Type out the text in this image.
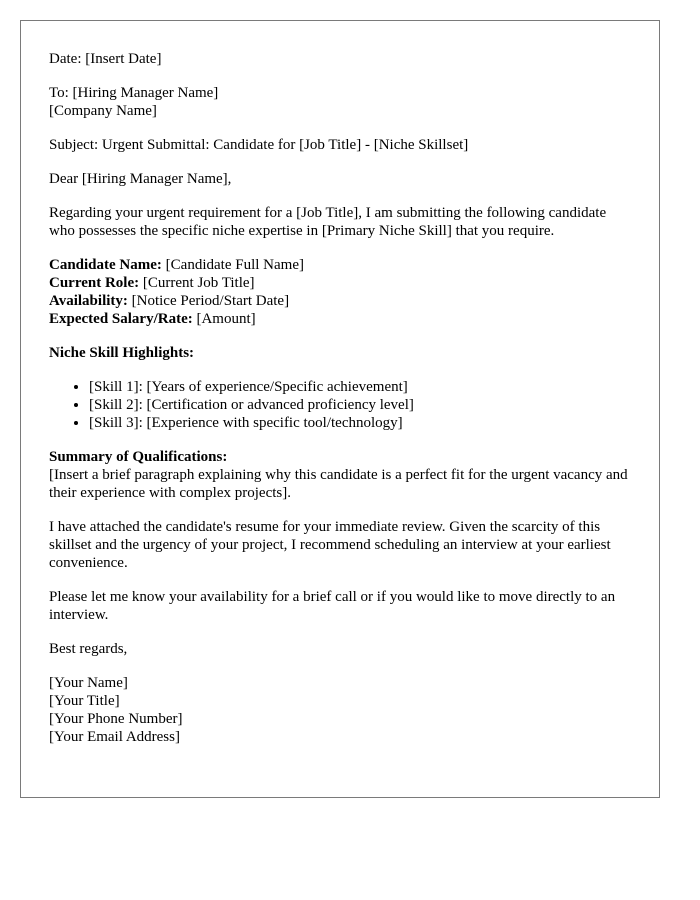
Date: [Insert Date]

To: [Hiring Manager Name]
[Company Name]

Subject: Urgent Submittal: Candidate for [Job Title] - [Niche Skillset]

Dear [Hiring Manager Name],

Regarding your urgent requirement for a [Job Title], I am submitting the following candidate who possesses the specific niche expertise in [Primary Niche Skill] that you require.

Candidate Name: [Candidate Full Name]
Current Role: [Current Job Title]
Availability: [Notice Period/Start Date]
Expected Salary/Rate: [Amount]

Niche Skill Highlights:

• [Skill 1]: [Years of experience/Specific achievement]
• [Skill 2]: [Certification or advanced proficiency level]
• [Skill 3]: [Experience with specific tool/technology]
Summary of Qualifications:
[Insert a brief paragraph explaining why this candidate is a perfect fit for the urgent vacancy and their experience with complex projects].

I have attached the candidate's resume for your immediate review. Given the scarcity of this skillset and the urgency of your project, I recommend scheduling an interview at your earliest convenience.

Please let me know your availability for a brief call or if you would like to move directly to an interview.

Best regards,

[Your Name]
[Your Title]
[Your Phone Number]
[Your Email Address]
